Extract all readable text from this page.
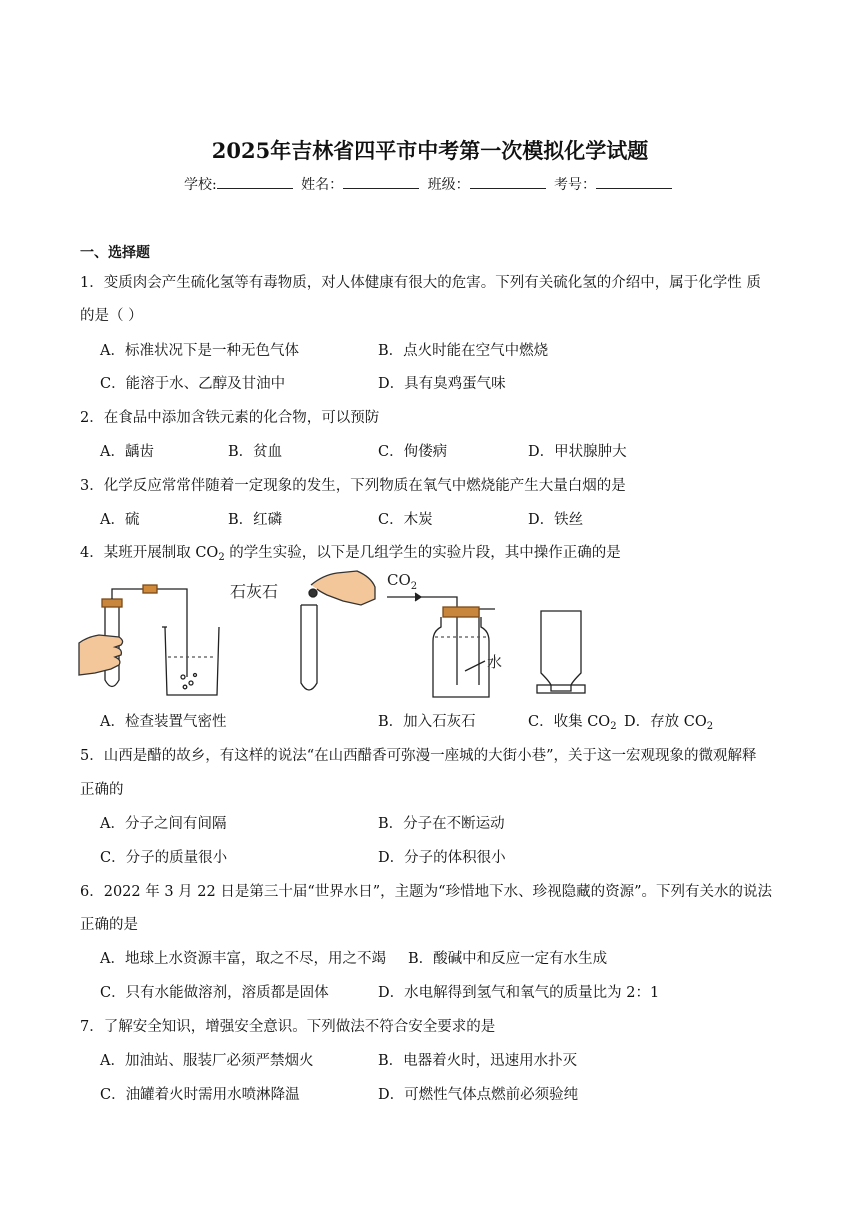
2025年吉林省四平市中考第一次模拟化学试题
学校:	姓名：	班级：	考号：
一、选择题
1．变质肉会产生硫化氢等有毒物质，对人体健康有很大的危害。下列有关硫化氢的介绍中，属于化学性 质
的是（ ）
A．标准状况下是一种无色气体	B．点火时能在空气中燃烧
C．能溶于水、乙醇及甘油中	D．具有臭鸡蛋气味
2．在食品中添加含铁元素的化合物，可以预防
A．龋齿	B．贫血	C．佝偻病	D．甲状腺肿大
3．化学反应常常伴随着一定现象的发生，下列物质在氧气中燃烧能产生大量白烟的是
A．硫	B．红磷	C．木炭	D．铁丝
4．某班开展制取 $CO_2$ 的学生实验，以下是几组学生的实验片段，其中操作正确的是
石灰石
$CO_2$
水
A．检查装置气密性	B．加入石灰石	C．收集 $CO_2$ D．存放 $CO_2$
5．山西是醋的故乡，有这样的说法“在山西醋香可弥漫一座城的大街小巷”，关于这一宏观现象的微观解释
正确的
A．分子之间有间隔	B．分子在不断运动
C．分子的质量很小	D．分子的体积很小
6．2022 年 3 月 22 日是第三十届“世界水日”，主题为“珍惜地下水、珍视隐藏的资源”。下列有关水的说法
正确的是
A．地球上水资源丰富，取之不尽，用之不竭 B．酸碱中和反应一定有水生成
C．只有水能做溶剂，溶质都是固体	D．水电解得到氢气和氧气的质量比为 2：1
7．了解安全知识，增强安全意识。下列做法不符合安全要求的是
A．加油站、服装厂必须严禁烟火	B．电器着火时，迅速用水扑灭
C．油罐着火时需用水喷淋降温	D．可燃性气体点燃前必须验纯
